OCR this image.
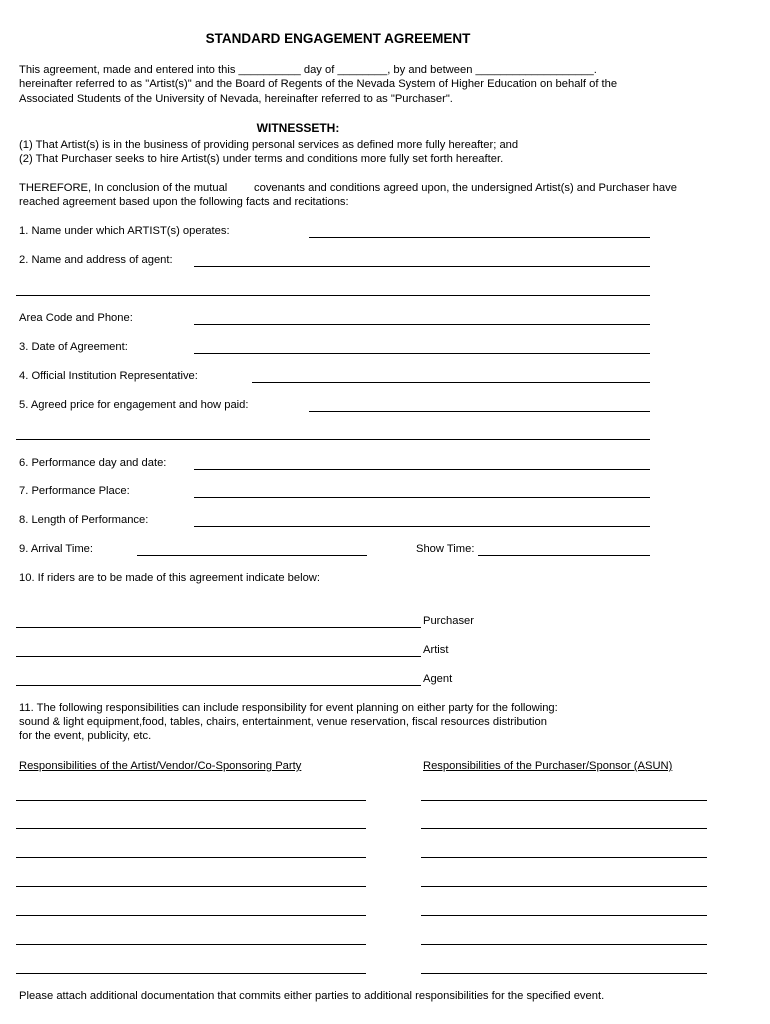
STANDARD ENGAGEMENT AGREEMENT
This agreement, made and entered into this __________ day of ________, by and between ___________________.
hereinafter referred to as "Artist(s)" and the Board of Regents of the Nevada System of Higher Education on behalf of the
Associated Students of the University of Nevada, hereinafter referred to as "Purchaser".
WITNESSETH:
(1) That Artist(s) is in the business of providing personal services as defined more fully hereafter; and
(2) That Purchaser seeks to hire Artist(s) under terms and conditions more fully set forth hereafter.
THEREFORE, In conclusion of the mutual covenants and conditions agreed upon, the undersigned Artist(s) and Purchaser have
reached agreement based upon the following facts and recitations:
1. Name under which ARTIST(s) operates:
2. Name and address of agent:
Area Code and Phone:
3. Date of Agreement:
4. Official Institution Representative:
5. Agreed price for engagement and how paid:
6. Performance day and date:
7. Performance Place:
8. Length of Performance:
9. Arrival Time:	Show Time:
10. If riders are to be made of this agreement indicate below:
Purchaser
Artist
Agent
11. The following responsibilities can include responsibility for event planning on either party for the following:
sound & light equipment,food, tables, chairs, entertainment, venue reservation, fiscal resources distribution
for the event, publicity, etc.
Responsibilities of the Artist/Vendor/Co-Sponsoring Party	Responsibilities of the Purchaser/Sponsor (ASUN)
Please attach additional documentation that commits either parties to additional responsibilities for the specified event.
